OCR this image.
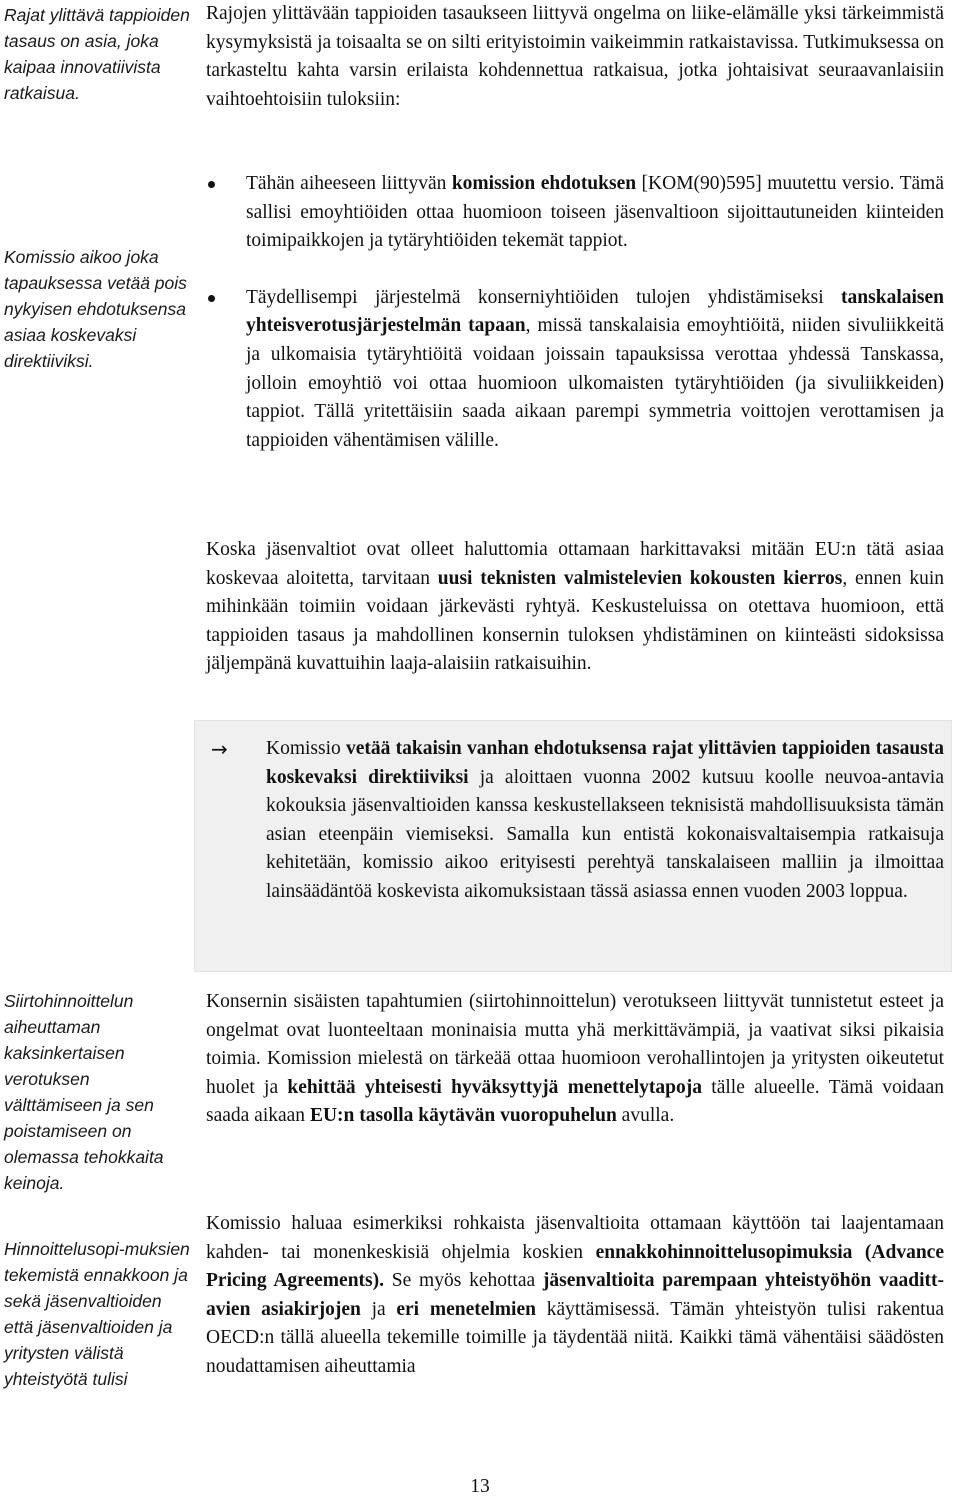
Rajat ylittävä tappioiden tasaus on asia, joka kaipaa innovatiivista ratkaisua.
Komissio aikoo joka tapauksessa vetää pois nykyisen ehdotuksensa asiaa koskevaksi direktiiviksi.
Siirtohinnoittelun aiheuttaman kaksinkertaisen verotuksen välttämiseen ja sen poistamiseen on olemassa tehokkaita keinoja.
Hinnoittelusopi-muksien tekemistä ennakkoon ja sekä jäsenvaltioiden että jäsenvaltioiden ja yritysten välistä yhteistyötä tulisi

Rajojen ylittävään tappioiden tasaukseen liittyvä ongelma on liike-elämälle yksi tärkeimmistä kysymyksistä ja toisaalta se on silti erityistoimin vaikeimmin ratkaistavissa. Tutkimuksessa on tarkasteltu kahta varsin erilaista kohdennettua ratkaisua, jotka johtaisivat seuraavanlaisiin vaihtoehtoisiin tuloksiin:

Tähän aiheeseen liittyvän komission ehdotuksen [KOM(90)595] muutettu versio. Tämä sallisi emoyhtiöiden ottaa huomioon toiseen jäsenvaltioon sijoittautuneiden kiinteiden toimipaikkojen ja tytäryhtiöiden tekemät tappiot.
Täydellisempi järjestelmä konserniyhtiöiden tulojen yhdistämiseksi tanskalaisen yhteisverotusjärjestelmän tapaan, missä tanskalaisia emoyhtiöitä, niiden sivuliikkeitä ja ulkomaisia tytäryhtiöitä voidaan joissain tapauksissa verottaa yhdessä Tanskassa, jolloin emoyhtiö voi ottaa huomioon ulkomaisten tytäryhtiöiden (ja sivuliikkeiden) tappiot. Tällä yritettäisiin saada aikaan parempi symmetria voittojen verottamisen ja tappioiden vähentämisen välille.

Koska jäsenvaltiot ovat olleet haluttomia ottamaan harkittavaksi mitään EU:n tätä asiaa koskevaa aloitetta, tarvitaan uusi teknisten valmistelevien kokousten kierros, ennen kuin mihinkään toimiin voidaan järkevästi ryhtyä. Keskusteluissa on otettava huomioon, että tappioiden tasaus ja mahdollinen konsernin tuloksen yhdistäminen on kiinteästi sidoksissa jäljempänä kuvattuihin laaja-alaisiin ratkaisuihin.

→ Komissio vetää takaisin vanhan ehdotuksensa rajat ylittävien tappioiden tasausta koskevaksi direktiiviksi ja aloittaen vuonna 2002 kutsuu koolle neuvoa-antavia kokouksia jäsenvaltioiden kanssa keskustellakseen teknisistä mahdollisuuksista tämän asian eteenpäin viemiseksi. Samalla kun entistä kokonaisvaltaisempia ratkaisuja kehitetään, komissio aikoo erityisesti perehtyä tanskalaiseen malliin ja ilmoittaa lainsäädäntöä koskevista aikomuksistaan tässä asiassa ennen vuoden 2003 loppua.

Konsernin sisäisten tapahtumien (siirtohinnoittelun) verotukseen liittyvät tunnistetut esteet ja ongelmat ovat luonteeltaan moninaisia mutta yhä merkittävämpiä, ja vaativat siksi pikaisia toimia. Komission mielestä on tärkeää ottaa huomioon verohallintojen ja yritysten oikeutetut huolet ja kehittää yhteisesti hyväksyttyjä menettelytapoja tälle alueelle. Tämä voidaan saada aikaan EU:n tasolla käytävän vuoropuhelun avulla.

Komissio haluaa esimerkiksi rohkaista jäsenvaltioita ottamaan käyttöön tai laajentamaan kahden- tai monenkeskisiä ohjelmia koskien ennakkohinnoittelusopimuksia (Advance Pricing Agreements). Se myös kehottaa jäsenvaltioita parempaan yhteistyöhön vaadittavien asiakirjojen ja eri menetelmien käyttämisessä. Tämän yhteistyön tulisi rakentua OECD:n tällä alueella tekemille toimille ja täydentää niitä. Kaikki tämä vähentäisi säädösten noudattamisen aiheuttamia

13
